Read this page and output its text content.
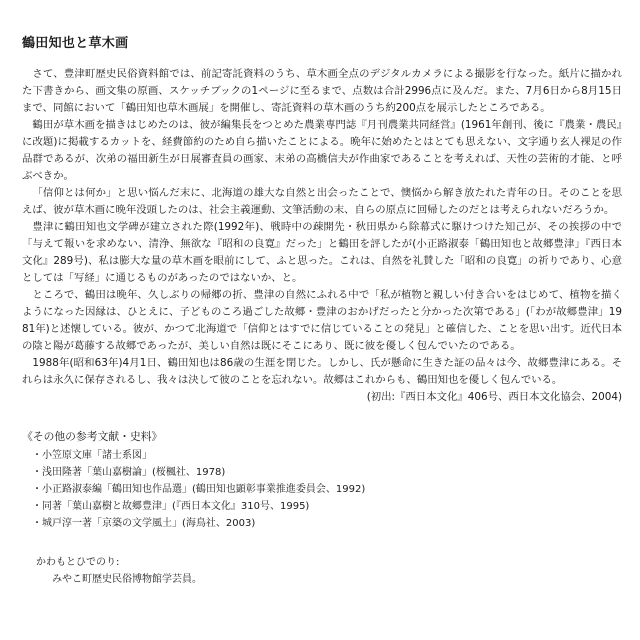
鶴田知也と草木画

さて、豊津町歴史民俗資料館では、前記寄託資料のうち、草木画全点のデジタルカメラによる撮影を行なった。紙片に描かれた下書きから、画文集の原画、スケッチブックの1ページに至るまで、点数は合計2996点に及んだ。また、7月6日から8月15日まで、同館において「鶴田知也草木画展」を開催し、寄託資料の草木画のうち約200点を展示したところである。

鶴田が草木画を描きはじめたのは、彼が編集長をつとめた農業専門誌『月刊農業共同経営』(1961年創刊、後に『農業・農民』に改題)に掲載するカットを、経費節約のため自ら描いたことによる。晩年に始めたとはとても思えない、文字通り玄人裸足の作品群であるが、次弟の福田新生が日展審査員の画家、末弟の高橋信夫が作曲家であることを考えれば、天性の芸術的才能、と呼ぶべきか。

「信仰とは何か」と思い悩んだ末に、北海道の雄大な自然と出会ったことで、懊悩から解き放たれた青年の日。そのことを思えば、彼が草木画に晩年没頭したのは、社会主義運動、文筆活動の末、自らの原点に回帰したのだとは考えられないだろうか。

豊津に鶴田知也文学碑が建立された際(1992年)、戦時中の疎開先・秋田県から除幕式に駆けつけた知己が、その挨拶の中で「与えて報いを求めない、清浄、無欲な『昭和の良寛』だった」と鶴田を評したが(小正路淑泰「鶴田知也と故郷豊津」『西日本文化』289号)、私は膨大な量の草木画を眼前にして、ふと思った。これは、自然を礼賛した「昭和の良寛」の祈りであり、心意としては「写経」に通じるものがあったのではないか、と。

ところで、鶴田は晩年、久しぶりの帰郷の折、豊津の自然にふれる中で「私が植物と親しい付き合いをはじめて、植物を描くようになった因縁は、ひとえに、子どものころ過ごした故郷・豊津のおかげだったと分かった次第である」(「わが故郷豊津」1981年)と述懐している。彼が、かつて北海道で「信仰とはすでに信じていることの発見」と確信した、ことを思い出す。近代日本の陰と陽が葛藤する故郷であったが、美しい自然は既にそこにあり、既に彼を優しく包んでいたのである。

1988年(昭和63年)4月1日、鶴田知也は86歳の生涯を閉じた。しかし、氏が懸命に生きた証の品々は今、故郷豊津にある。それらは永久に保存されるし、我々は決して彼のことを忘れない。故郷はこれからも、鶴田知也を優しく包んでいる。

(初出:『西日本文化』406号、西日本文化協会、2004)

《その他の参考文献・史料》

・小笠原文庫「諸士系図」
・浅田隆著「葉山嘉樹論」(桜楓社、1978)
・小正路淑泰編「鶴田知也作品選」(鶴田知也顕彰事業推進委員会、1992)
・同著「葉山嘉樹と故郷豊津」(『西日本文化』310号、1995)
・城戸淳一著「京築の文学風土」(海鳥社、2003)
かわもとひでのり:
みやこ町歴史民俗博物館学芸員。
